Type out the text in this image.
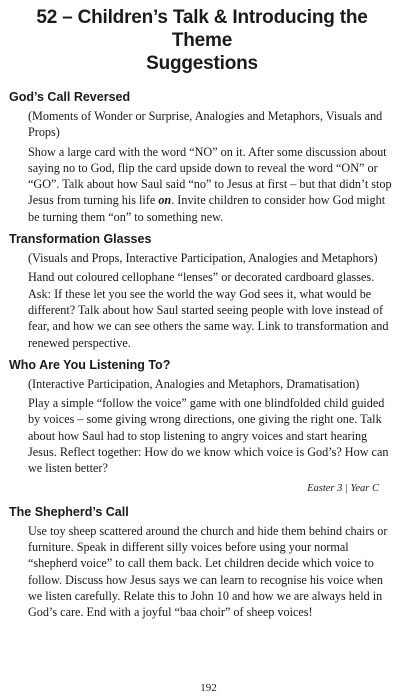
52 – Children’s Talk & Introducing the Theme
Suggestions
God’s Call Reversed
(Moments of Wonder or Surprise, Analogies and Metaphors, Visuals and Props)
Show a large card with the word “NO” on it. After some discussion about saying no to God, flip the card upside down to reveal the word “ON” or “GO”. Talk about how Saul said “no” to Jesus at first – but that didn’t stop Jesus from turning his life on. Invite children to consider how God might be turning them “on” to something new.
Transformation Glasses
(Visuals and Props, Interactive Participation, Analogies and Metaphors)
Hand out coloured cellophane “lenses” or decorated cardboard glasses. Ask: If these let you see the world the way God sees it, what would be different? Talk about how Saul started seeing people with love instead of fear, and how we can see others the same way. Link to transformation and renewed perspective.
Who Are You Listening To?
(Interactive Participation, Analogies and Metaphors, Dramatisation)
Play a simple “follow the voice” game with one blindfolded child guided by voices – some giving wrong directions, one giving the right one. Talk about how Saul had to stop listening to angry voices and start hearing Jesus. Reflect together: How do we know which voice is God’s? How can we listen better?
Easter 3 | Year C
The Shepherd’s Call
Use toy sheep scattered around the church and hide them behind chairs or furniture. Speak in different silly voices before using your normal “shepherd voice” to call them back. Let children decide which voice to follow. Discuss how Jesus says we can learn to recognise his voice when we listen carefully. Relate this to John 10 and how we are always held in God’s care. End with a joyful “baa choir” of sheep voices!
192
